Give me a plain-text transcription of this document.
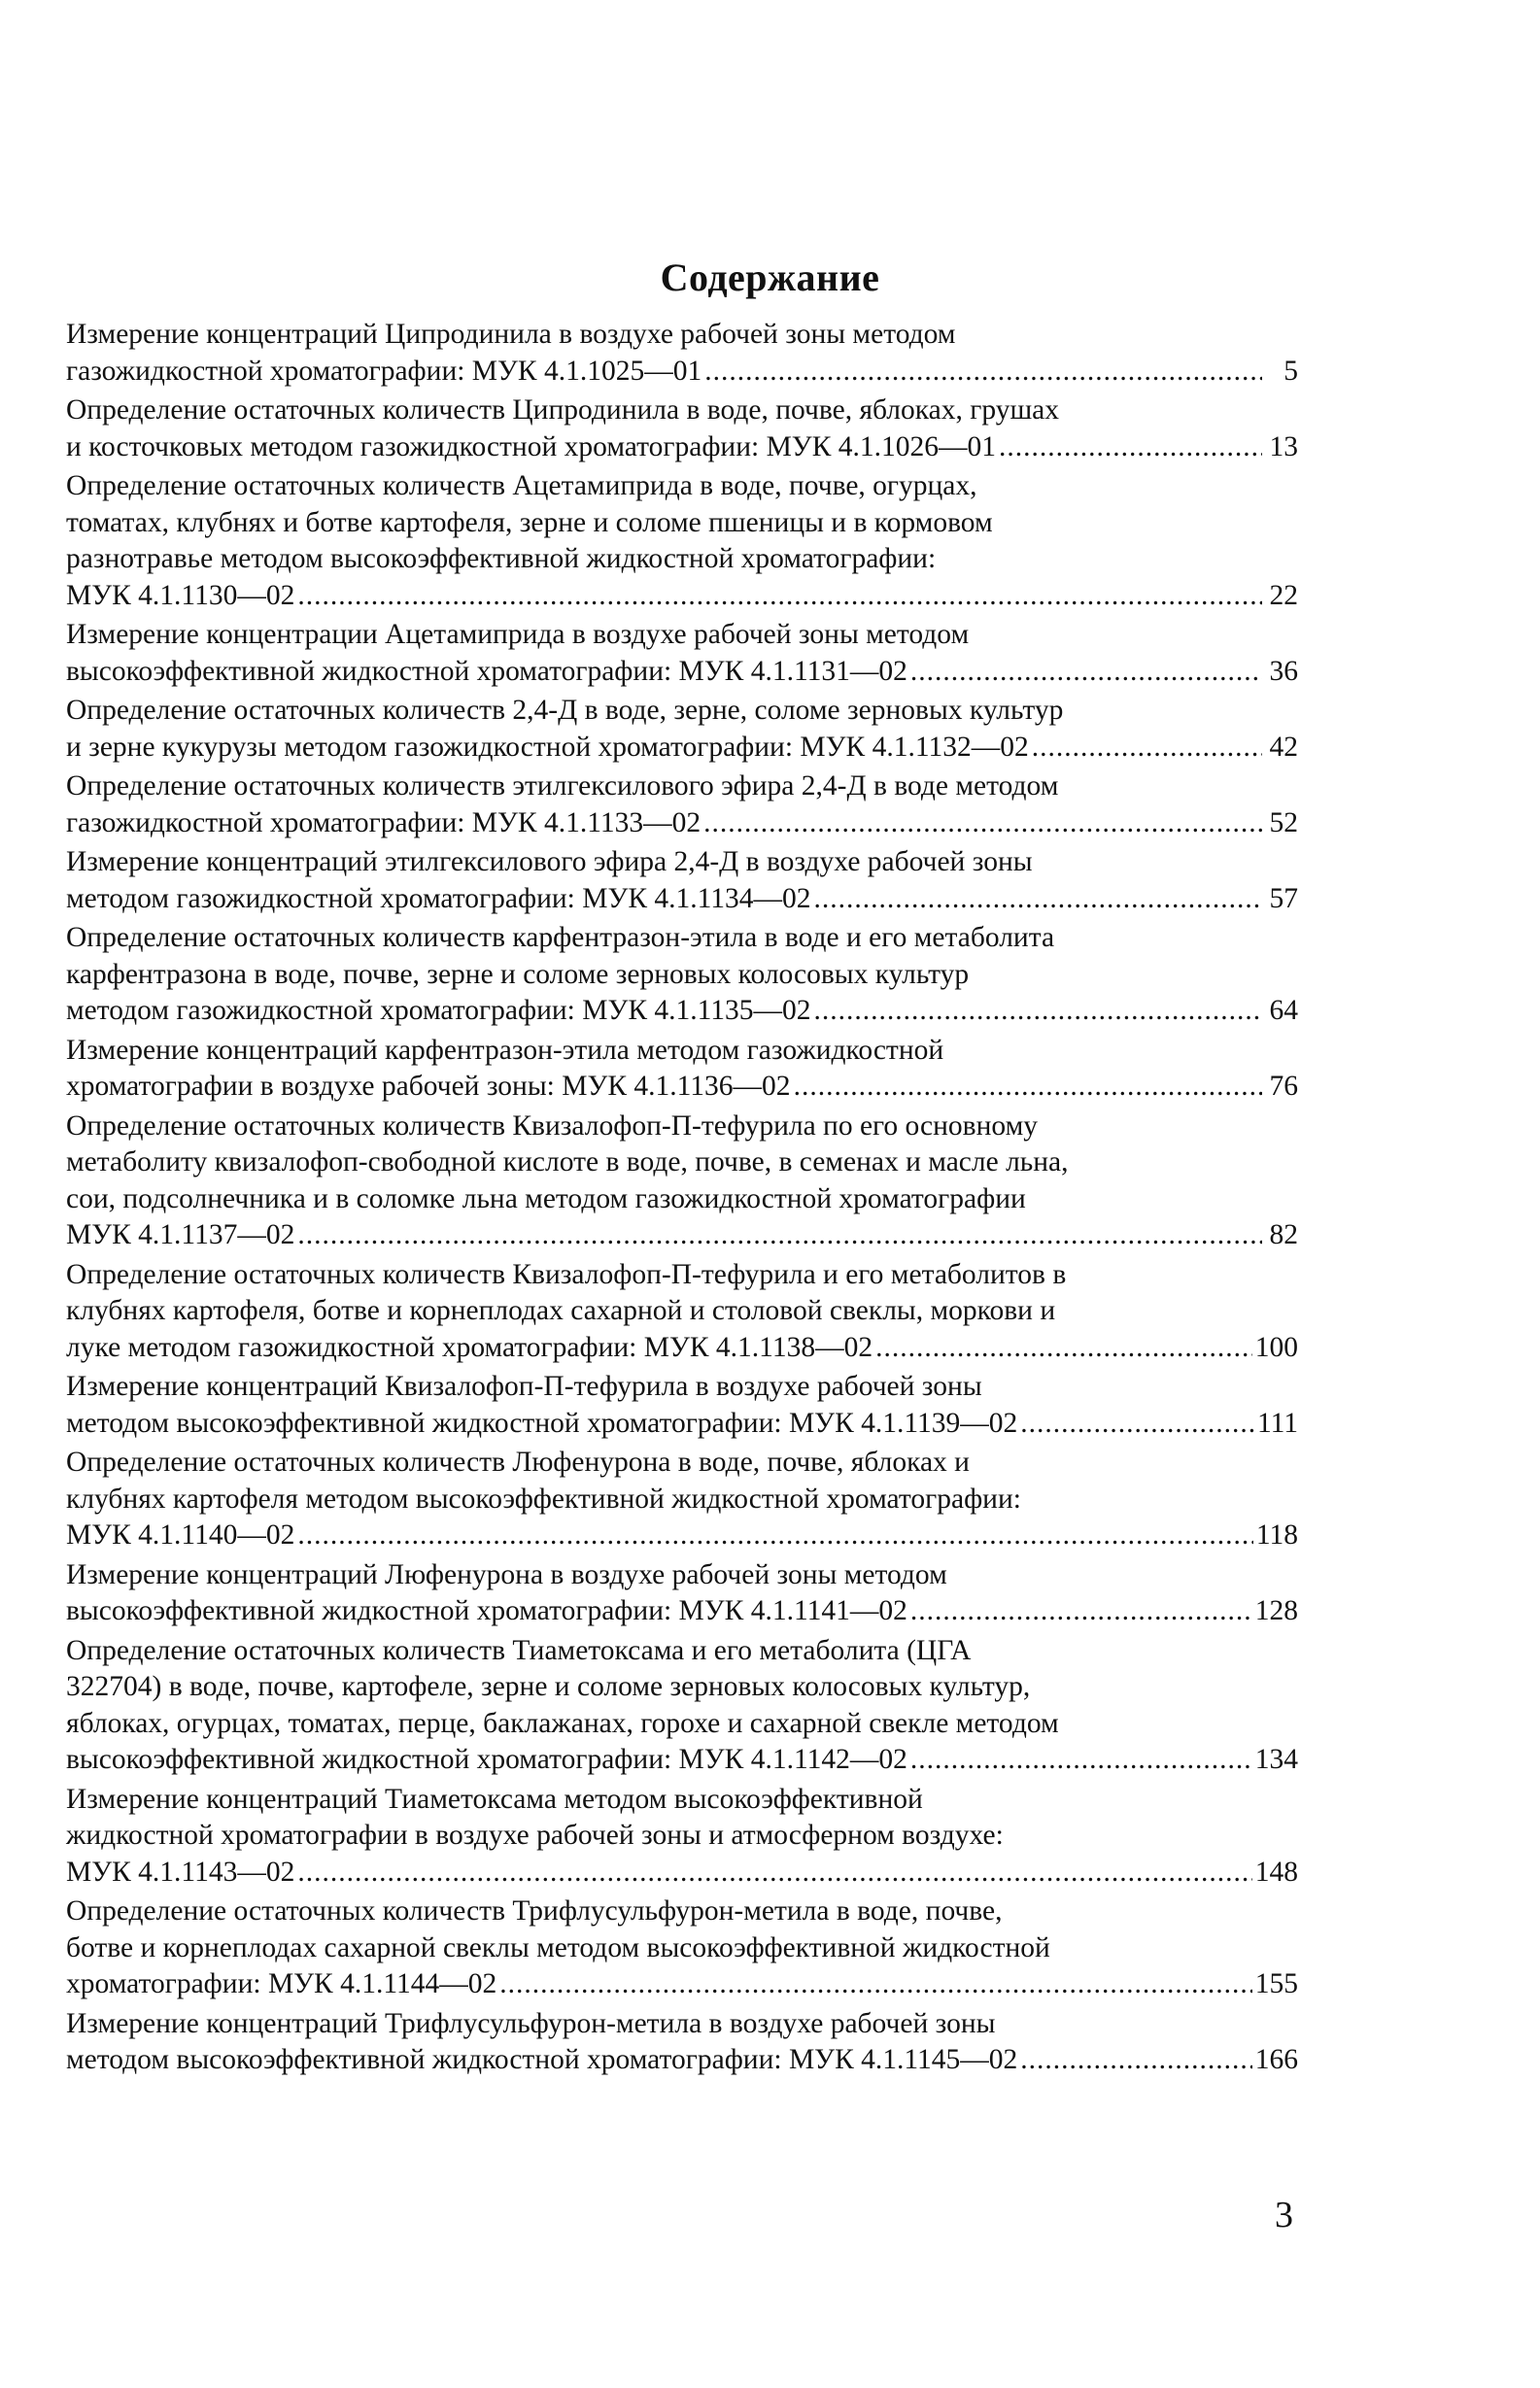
Содержание
Измерение концентраций Ципродинила в воздухе рабочей зоны методом
газожидкостной хроматографии: МУК 4.1.1025—01 .....	5
Определение остаточных количеств Ципродинила в воде, почве, яблоках, грушах
и косточковых методом газожидкостной хроматографии: МУК 4.1.1026—01 .....	13
Определение остаточных количеств Ацетамиприда в воде, почве, огурцах,
томатах, клубнях и ботве картофеля, зерне и соломе пшеницы и в кормовом
разнотравье методом высокоэффективной жидкостной хроматографии:
МУК 4.1.1130—02 .....	22
Измерение концентрации Ацетамиприда в воздухе рабочей зоны методом
высокоэффективной жидкостной хроматографии: МУК 4.1.1131—02 .....	36
Определение остаточных количеств 2,4-Д в воде, зерне, соломе зерновых культур
и зерне кукурузы методом газожидкостной хроматографии: МУК 4.1.1132—02 .....	42
Определение остаточных количеств этилгексилового эфира 2,4-Д в воде методом
газожидкостной хроматографии: МУК 4.1.1133—02 .....	52
Измерение концентраций этилгексилового эфира 2,4-Д в воздухе рабочей зоны
методом газожидкостной хроматографии: МУК 4.1.1134—02 .....	57
Определение остаточных количеств карфентразон-этила в воде и его метаболита
карфентразона в воде, почве, зерне и соломе зерновых колосовых культур
методом газожидкостной хроматографии: МУК 4.1.1135—02 .....	64
Измерение концентраций карфентразон-этила методом газожидкостной
хроматографии в воздухе рабочей зоны: МУК 4.1.1136—02 .....	76
Определение остаточных количеств Квизалофоп-П-тефурила по его основному
метаболиту квизалофоп-свободной кислоте в воде, почве, в семенах и масле льна,
сои, подсолнечника и в соломке льна методом газожидкостной хроматографии
МУК 4.1.1137—02 .....	82
Определение остаточных количеств Квизалофоп-П-тефурила и его метаболитов в
клубнях картофеля, ботве и корнеплодах сахарной и столовой свеклы, моркови и
луке методом газожидкостной хроматографии: МУК 4.1.1138—02 .....	100
Измерение концентраций Квизалофоп-П-тефурила в воздухе рабочей зоны
методом высокоэффективной жидкостной хроматографии: МУК 4.1.1139—02 .....	111
Определение остаточных количеств Люфенурона в воде, почве, яблоках и
клубнях картофеля методом высокоэффективной жидкостной хроматографии:
МУК 4.1.1140—02 .....	118
Измерение концентраций Люфенурона в воздухе рабочей зоны методом
высокоэффективной жидкостной хроматографии: МУК 4.1.1141—02 .....	128
Определение остаточных количеств Тиаметоксама и его метаболита (ЦГА
322704) в воде, почве, картофеле, зерне и соломе зерновых колосовых культур,
яблоках, огурцах, томатах, перце, баклажанах, горохе и сахарной свекле методом
высокоэффективной жидкостной хроматографии: МУК 4.1.1142—02 .....	134
Измерение концентраций Тиаметоксама методом высокоэффективной
жидкостной хроматографии в воздухе рабочей зоны и атмосферном воздухе:
МУК 4.1.1143—02 .....	148
Определение остаточных количеств Трифлусульфурон-метила в воде, почве,
ботве и корнеплодах сахарной свеклы методом высокоэффективной жидкостной
хроматографии: МУК 4.1.1144—02 .....	155
Измерение концентраций Трифлусульфурон-метила в воздухе рабочей зоны
методом высокоэффективной жидкостной хроматографии: МУК 4.1.1145—02 .....	166
3
